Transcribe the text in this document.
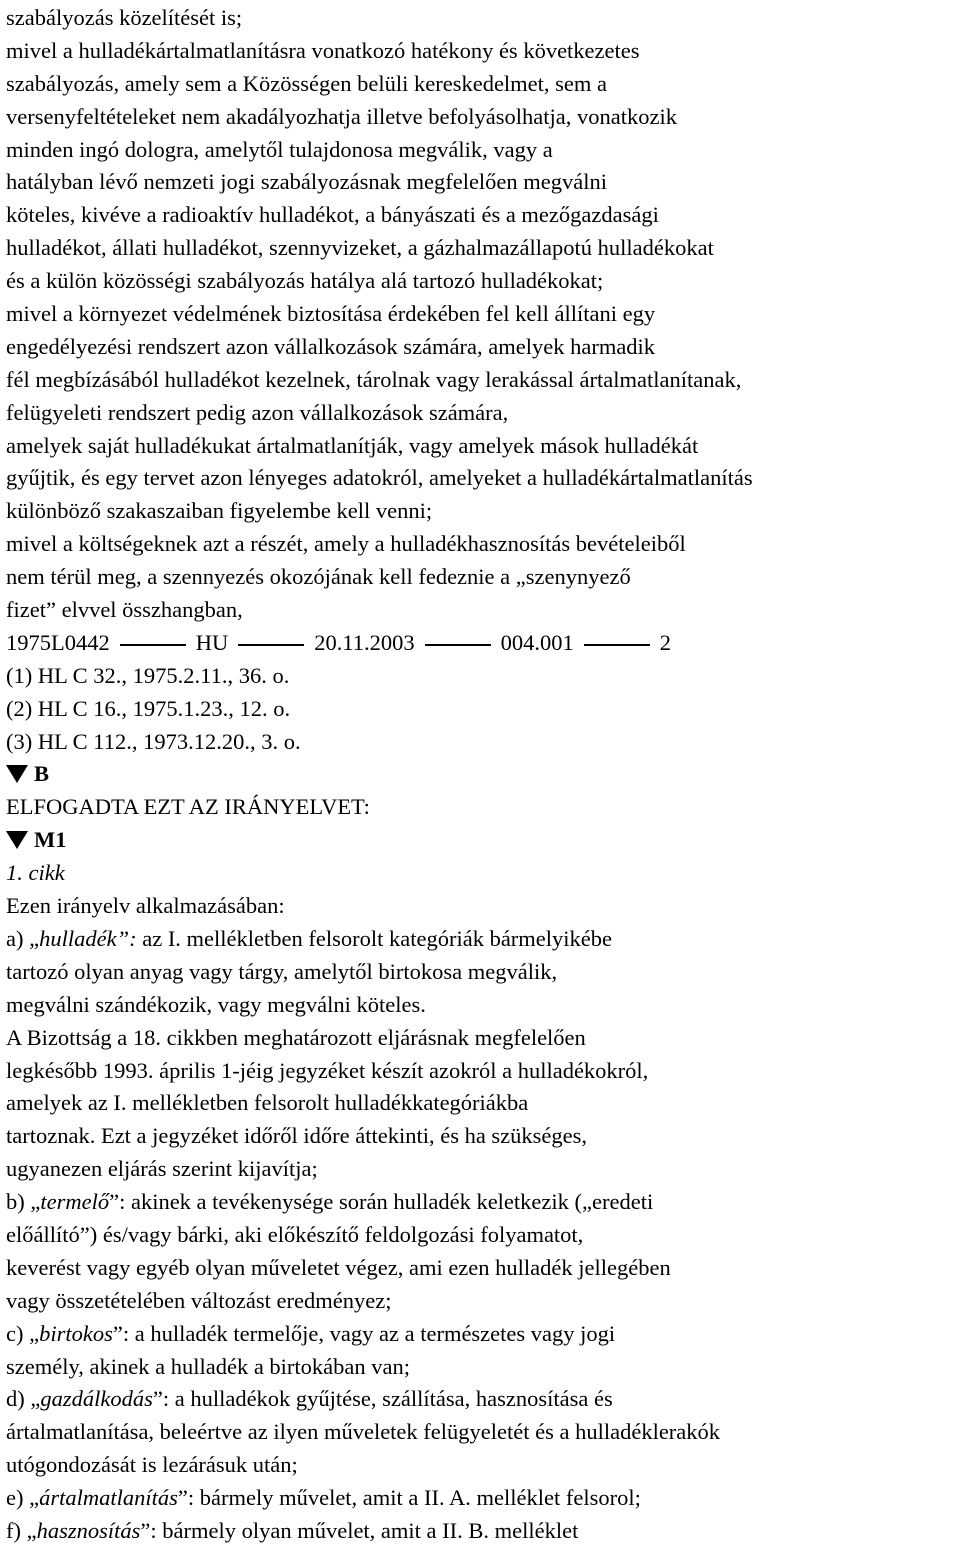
szabályozás közelítését is;
mivel a hulladékártalmatlanításra vonatkozó hatékony és következetes
szabályozás, amely sem a Közösségen belüli kereskedelmet, sem a
versenyfeltételeket nem akadályozhatja illetve befolyásolhatja, vonatkozik
minden ingó dologra, amelytől tulajdonosa megválik, vagy a
hatályban lévő nemzeti jogi szabályozásnak megfelelően megválni
köteles, kivéve a radioaktív hulladékot, a bányászati és a mezőgazdasági
hulladékot, állati hulladékot, szennyvizeket, a gázhalmazállapotú hulladékokat
és a külön közösségi szabályozás hatálya alá tartozó hulladékokat;
mivel a környezet védelmének biztosítása érdekében fel kell állítani egy
engedélyezési rendszert azon vállalkozások számára, amelyek harmadik
fél megbízásából hulladékot kezelnek, tárolnak vagy lerakással ártalmatlanítanak,
felügyeleti rendszert pedig azon vállalkozások számára,
amelyek saját hulladékukat ártalmatlanítják, vagy amelyek mások hulladékát
gyűjtik, és egy tervet azon lényeges adatokról, amelyeket a hulladékártalmatlanítás
különböző szakaszaiban figyelembe kell venni;
mivel a költségeknek azt a részét, amely a hulladékhasznosítás bevételeiből
nem térül meg, a szennyezés okozójának kell fedeznie a „szenynyező
fizet” elvvel összhangban,
1975L0442	HU	20.11.2003	004.001	2
(1) HL C 32., 1975.2.11., 36. o.
(2) HL C 16., 1975.1.23., 12. o.
(3) HL C 112., 1973.12.20., 3. o.
B
ELFOGADTA EZT AZ IRÁNYELVET:
M1
1. cikk
Ezen irányelv alkalmazásában:
a) „hulladék”: az I. mellékletben felsorolt kategóriák bármelyikébe
tartozó olyan anyag vagy tárgy, amelytől birtokosa megválik,
megválni szándékozik, vagy megválni köteles.
A Bizottság a 18. cikkben meghatározott eljárásnak megfelelően
legkésőbb 1993. április 1-jéig jegyzéket készít azokról a hulladékokról,
amelyek az I. mellékletben felsorolt hulladékkategóriákba
tartoznak. Ezt a jegyzéket időről időre áttekinti, és ha szükséges,
ugyanezen eljárás szerint kijavítja;
b) „termelő”: akinek a tevékenysége során hulladék keletkezik („eredeti
előállító”) és/vagy bárki, aki előkészítő feldolgozási folyamatot,
keverést vagy egyéb olyan műveletet végez, ami ezen hulladék jellegében
vagy összetételében változást eredményez;
c) „birtokos”: a hulladék termelője, vagy az a természetes vagy jogi
személy, akinek a hulladék a birtokában van;
d) „gazdálkodás”: a hulladékok gyűjtése, szállítása, hasznosítása és
ártalmatlanítása, beleértve az ilyen műveletek felügyeletét és a hulladéklerakók
utógondozását is lezárásuk után;
e) „ártalmatlanítás”: bármely művelet, amit a II. A. melléklet felsorol;
f) „hasznosítás”: bármely olyan művelet, amit a II. B. melléklet
